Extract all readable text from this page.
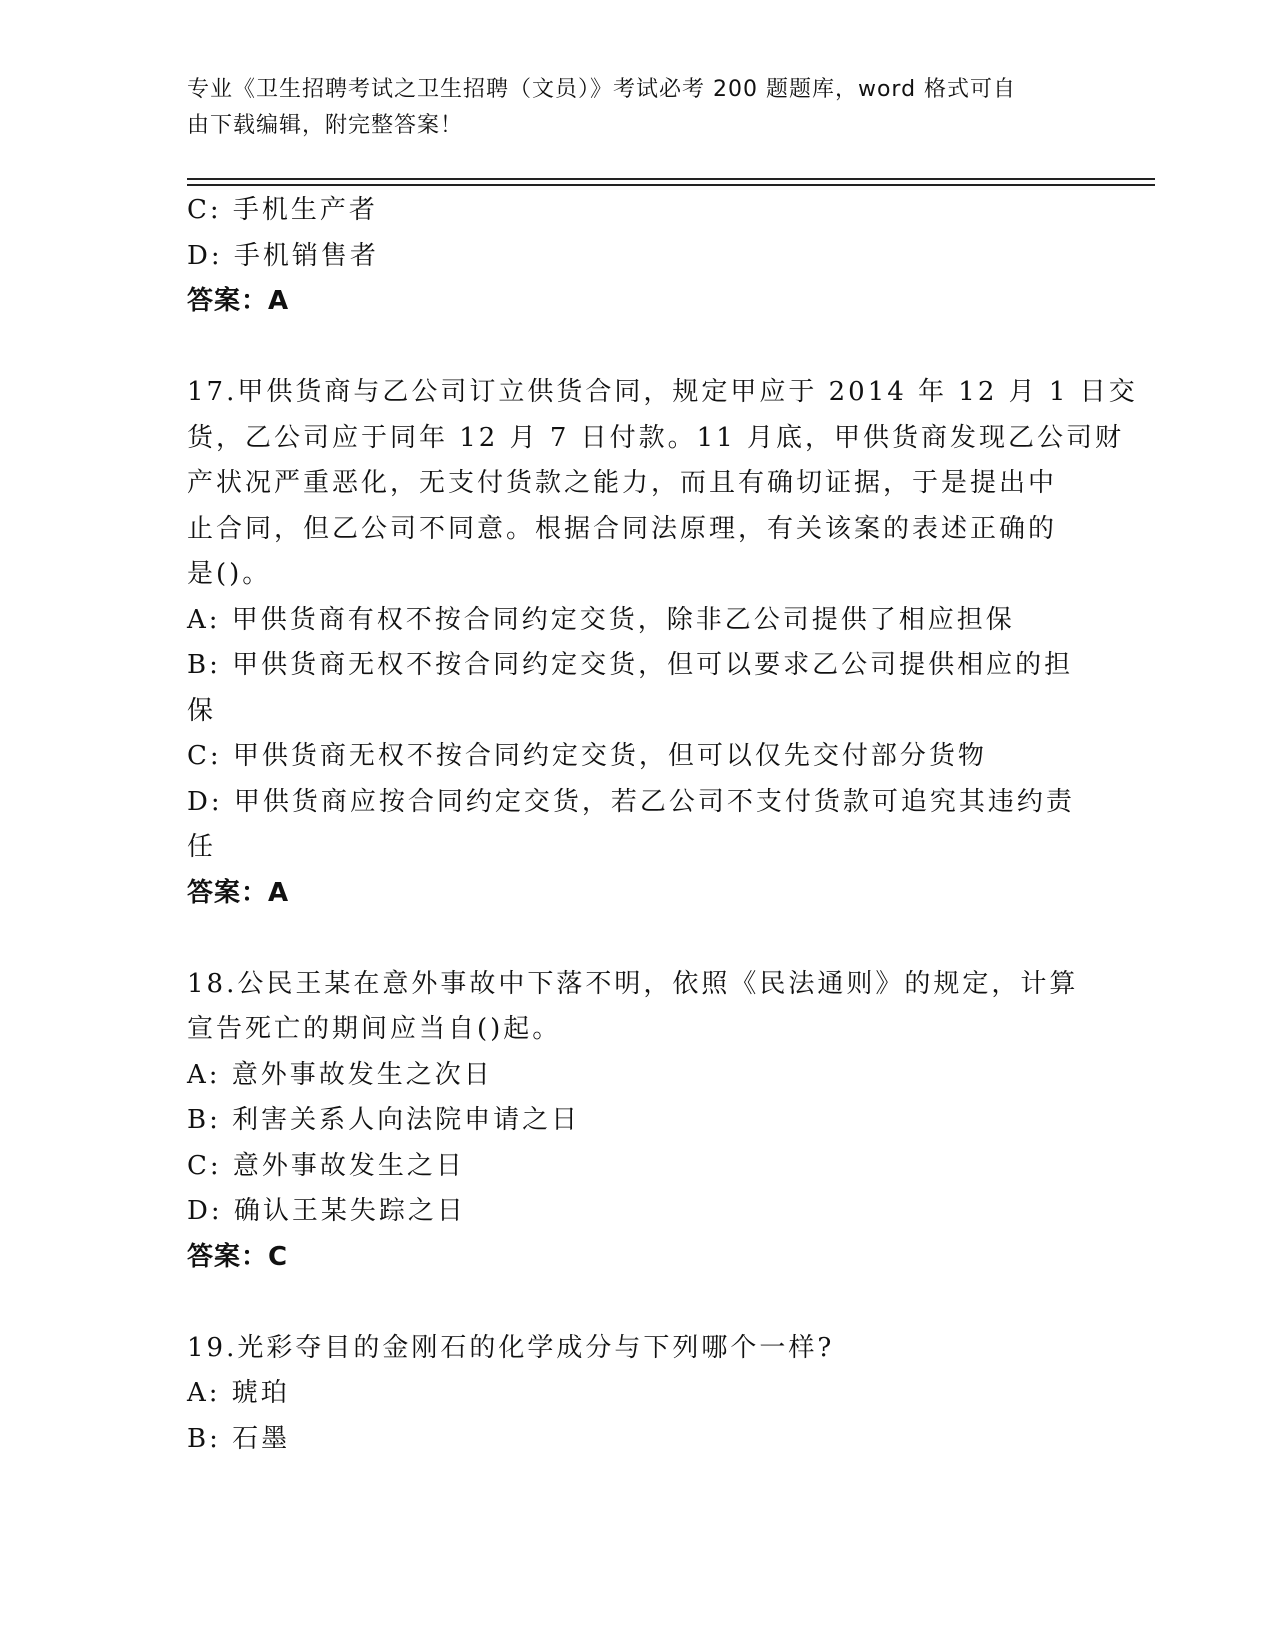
专业《卫生招聘考试之卫生招聘（文员）》考试必考 200 题题库，word 格式可自
由下载编辑，附完整答案！
C: 手机生产者
D: 手机销售者
答案：A
17.甲供货商与乙公司订立供货合同，规定甲应于 2014 年 12 月 1 日交
货，乙公司应于同年 12 月 7 日付款。11 月底，甲供货商发现乙公司财
产状况严重恶化，无支付货款之能力，而且有确切证据，于是提出中
止合同，但乙公司不同意。根据合同法原理，有关该案的表述正确的
是()。
A: 甲供货商有权不按合同约定交货，除非乙公司提供了相应担保
B: 甲供货商无权不按合同约定交货，但可以要求乙公司提供相应的担
保
C: 甲供货商无权不按合同约定交货，但可以仅先交付部分货物
D: 甲供货商应按合同约定交货，若乙公司不支付货款可追究其违约责
任
答案：A
18.公民王某在意外事故中下落不明，依照《民法通则》的规定，计算
宣告死亡的期间应当自()起。
A: 意外事故发生之次日
B: 利害关系人向法院申请之日
C: 意外事故发生之日
D: 确认王某失踪之日
答案：C
19.光彩夺目的金刚石的化学成分与下列哪个一样?
A: 琥珀
B: 石墨
